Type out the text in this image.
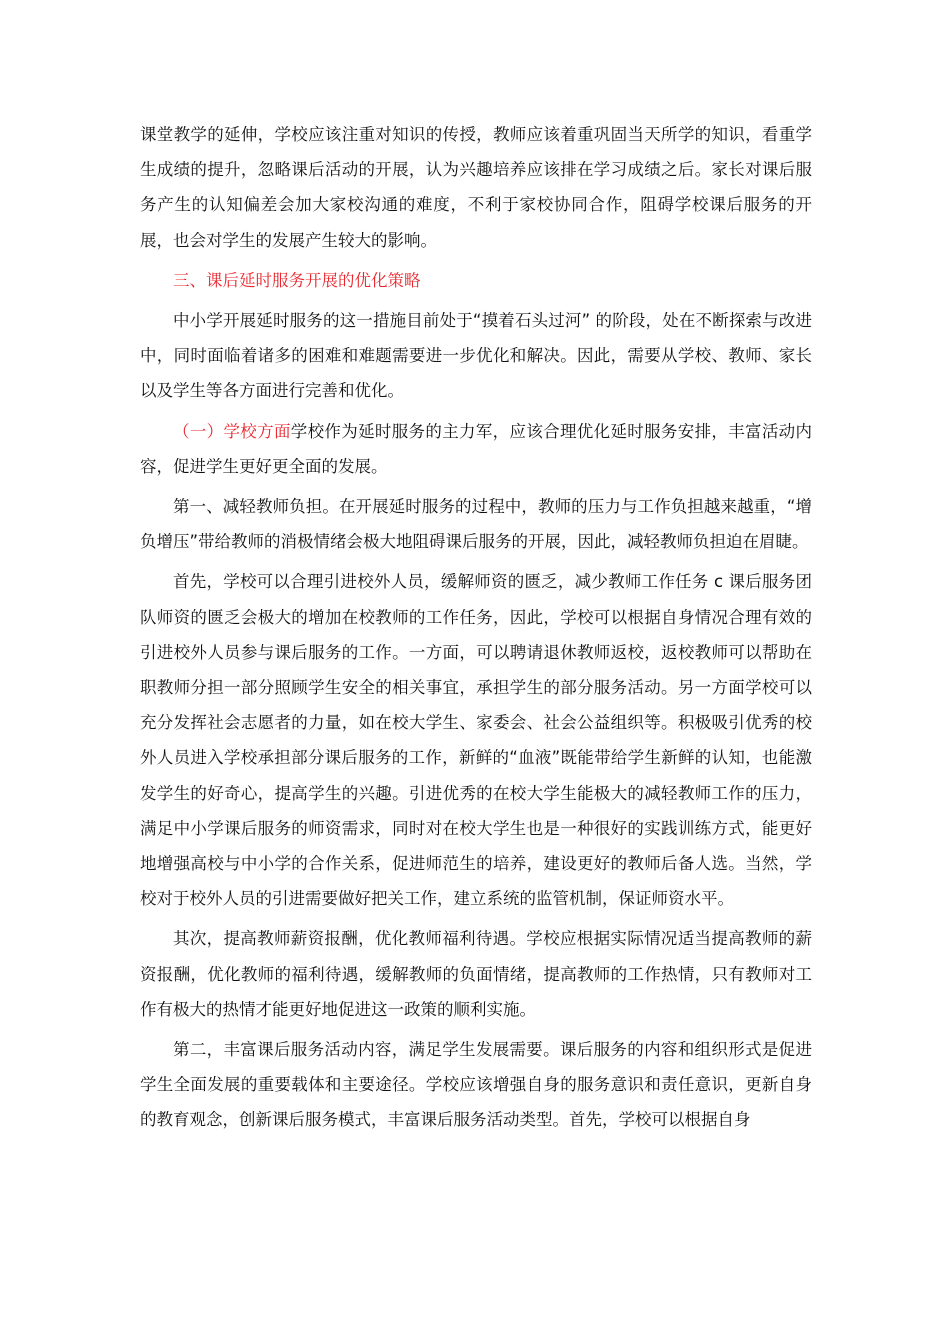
课堂教学的延伸，学校应该注重对知识的传授，教师应该着重巩固当天所学的知识，看重学生成绩的提升，忽略课后活动的开展，认为兴趣培养应该排在学习成绩之后。家长对课后服务产生的认知偏差会加大家校沟通的难度，不利于家校协同合作，阻碍学校课后服务的开展，也会对学生的发展产生较大的影响。

三、课后延时服务开展的优化策略

中小学开展延时服务的这一措施目前处于“摸着石头过河” 的阶段，处在不断探索与改进中，同时面临着诸多的困难和难题需要进一步优化和解决。因此，需要从学校、教师、家长以及学生等各方面进行完善和优化。

（一）学校方面学校作为延时服务的主力军，应该合理优化延时服务安排，丰富活动内容，促进学生更好更全面的发展。

第一、减轻教师负担。在开展延时服务的过程中，教师的压力与工作负担越来越重，“增负增压”带给教师的消极情绪会极大地阻碍课后服务的开展，因此，减轻教师负担迫在眉睫。

首先，学校可以合理引进校外人员，缓解师资的匮乏，减少教师工作任务 c 课后服务团队师资的匮乏会极大的增加在校教师的工作任务，因此，学校可以根据自身情况合理有效的引进校外人员参与课后服务的工作。一方面，可以聘请退休教师返校，返校教师可以帮助在职教师分担一部分照顾学生安全的相关事宜，承担学生的部分服务活动。另一方面学校可以充分发挥社会志愿者的力量，如在校大学生、家委会、社会公益组织等。积极吸引优秀的校外人员进入学校承担部分课后服务的工作，新鲜的“血液”既能带给学生新鲜的认知，也能激发学生的好奇心，提高学生的兴趣。引进优秀的在校大学生能极大的减轻教师工作的压力，满足中小学课后服务的师资需求，同时对在校大学生也是一种很好的实践训练方式，能更好地增强高校与中小学的合作关系，促进师范生的培养，建设更好的教师后备人选。当然，学校对于校外人员的引进需要做好把关工作，建立系统的监管机制，保证师资水平。

其次，提高教师薪资报酬，优化教师福利待遇。学校应根据实际情况适当提高教师的薪资报酬，优化教师的福利待遇，缓解教师的负面情绪，提高教师的工作热情，只有教师对工作有极大的热情才能更好地促进这一政策的顺利实施。

第二，丰富课后服务活动内容，满足学生发展需要。课后服务的内容和组织形式是促进学生全面发展的重要载体和主要途径。学校应该增强自身的服务意识和责任意识，更新自身的教育观念，创新课后服务模式，丰富课后服务活动类型。首先，学校可以根据自身
